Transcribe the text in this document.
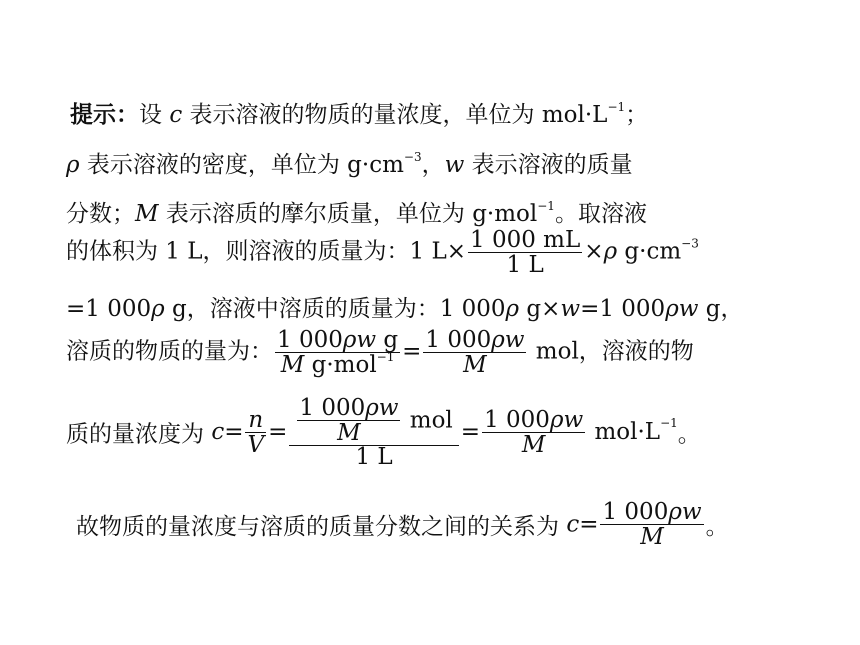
提示：设 c 表示溶液的物质的量浓度，单位为 $mol\cdot L^{-1}$；
ρ 表示溶液的密度，单位为 $g\cdot cm^{-3}$，w 表示溶液的质量
分数；M 表示溶质的摩尔质量，单位为 g·mol$^{-1}$。取溶液
的体积为 1 L，则溶液的质量为：1 $L\times \frac{1 000 mL}{1 L} \times\rho$ $g\cdot cm^{-3}$
=1 000ρ g，溶液中溶质的质量为：1 000ρ g×w=1 000ρw g，
溶质的物质的量为： $\frac{\text{1 000ρw g}}{M g\cdot mol^{-1}} = \frac{1 000\rho w}{M}$ mol，溶液的物
质的量浓度为 $c= \frac{n}{V} = \frac{\frac{1 000\rho w}{M} mol}{1 L} = \frac{1 000\rho w}{M} mol\cdot L^{-1}$。
故物质的量浓度与溶质的质量分数之间的关系为 $c= \frac{1 000\rho w}{M}$ 。
